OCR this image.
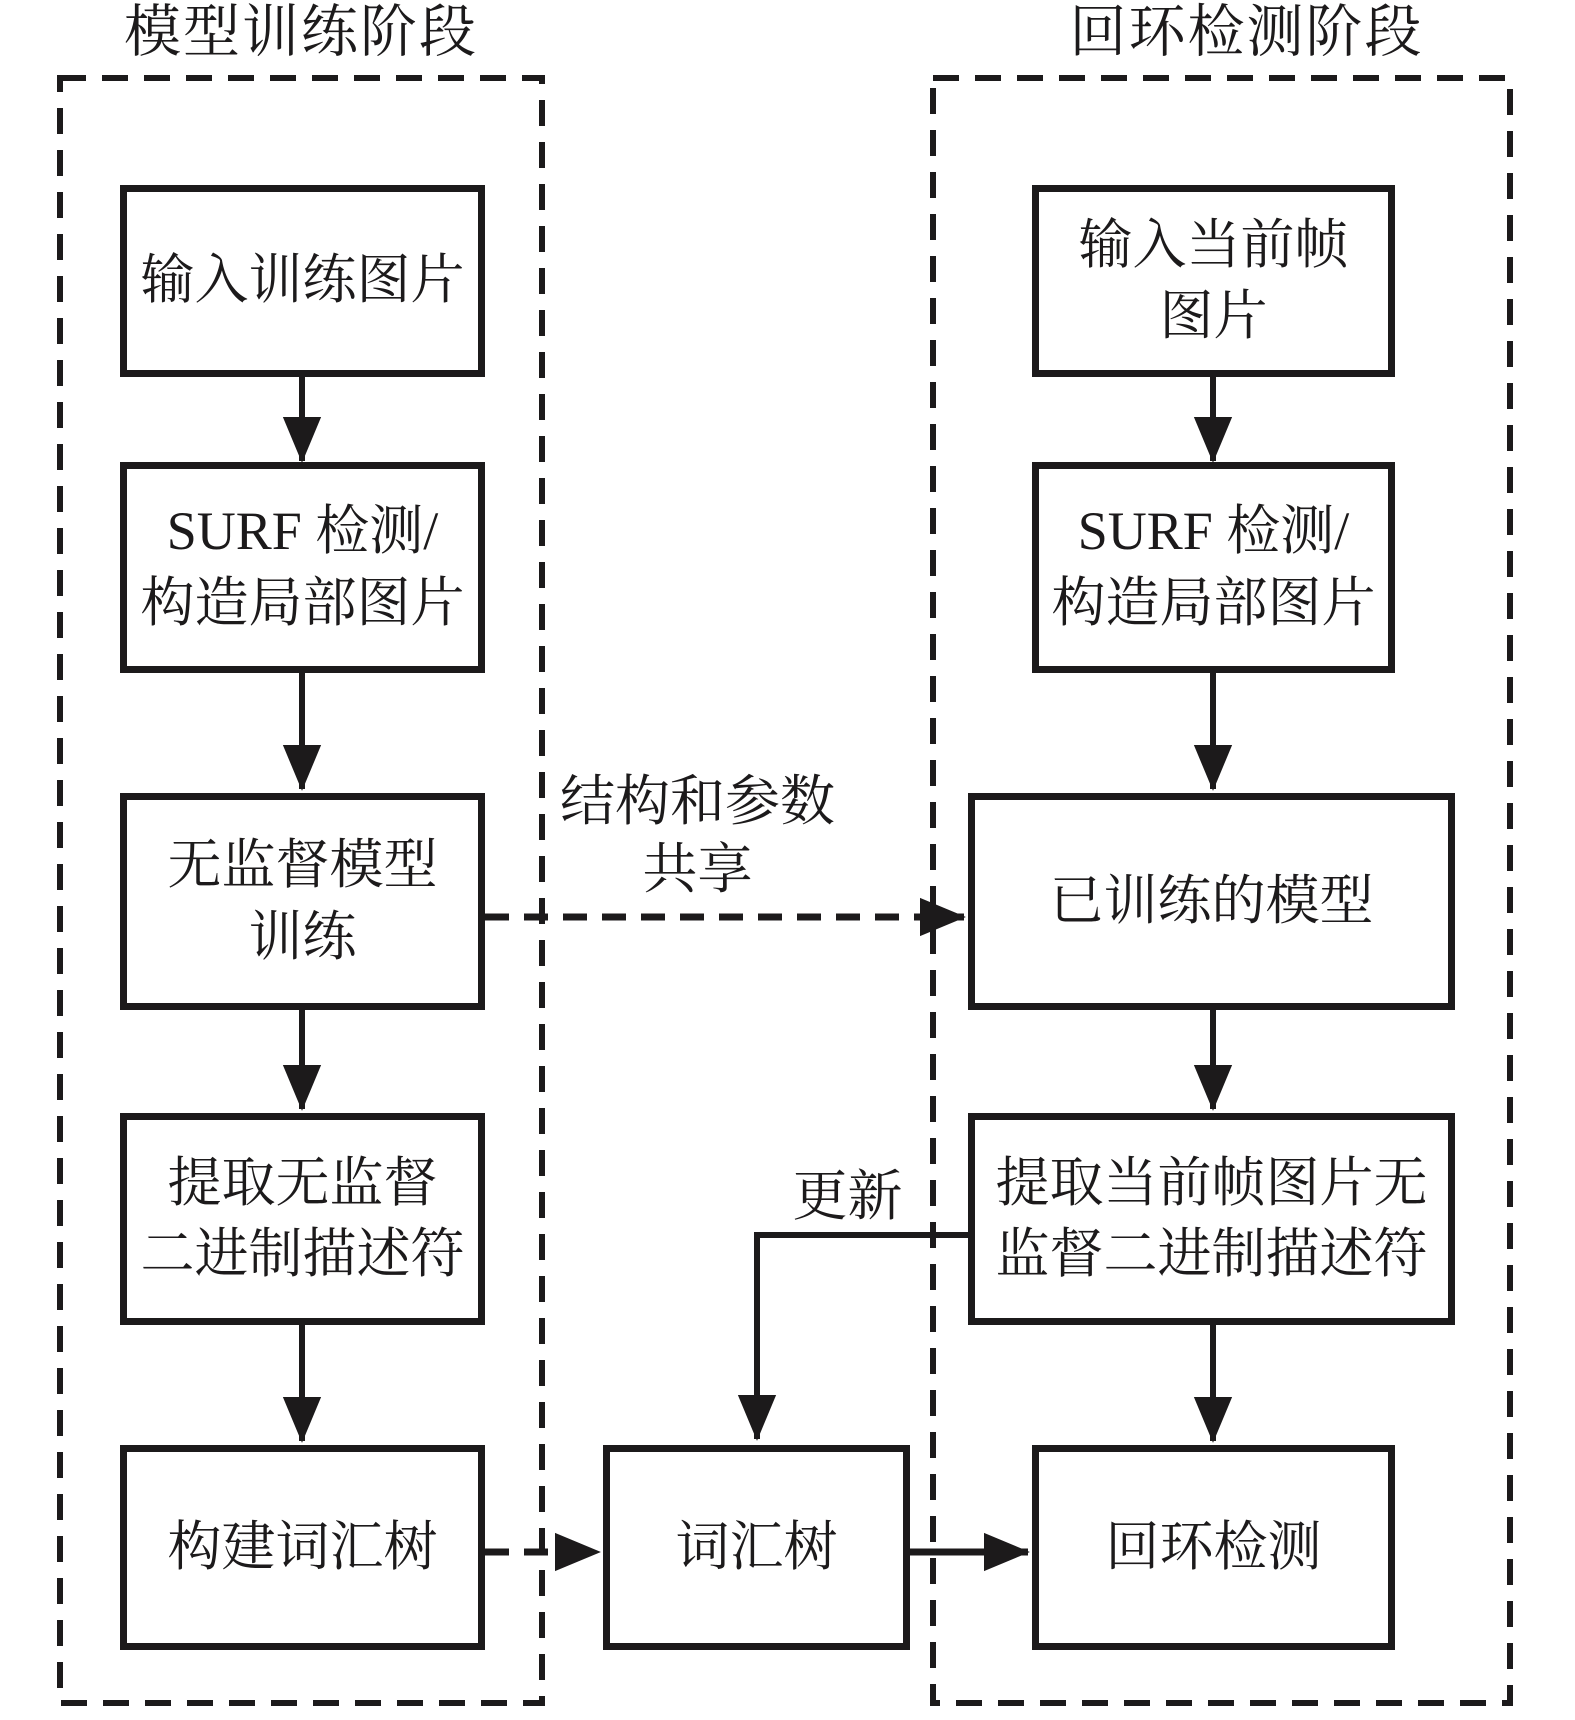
模型训练阶段	回环检测阶段
输入训练图片
SURF 检测/
构造局部图片
无监督模型
训练
提取无监督
二进制描述符
构建词汇树
输入当前帧
图片
SURF 检测/
构造局部图片
已训练的模型
提取当前帧图片无
监督二进制描述符
回环检测
词汇树
结构和参数
共享
更新
